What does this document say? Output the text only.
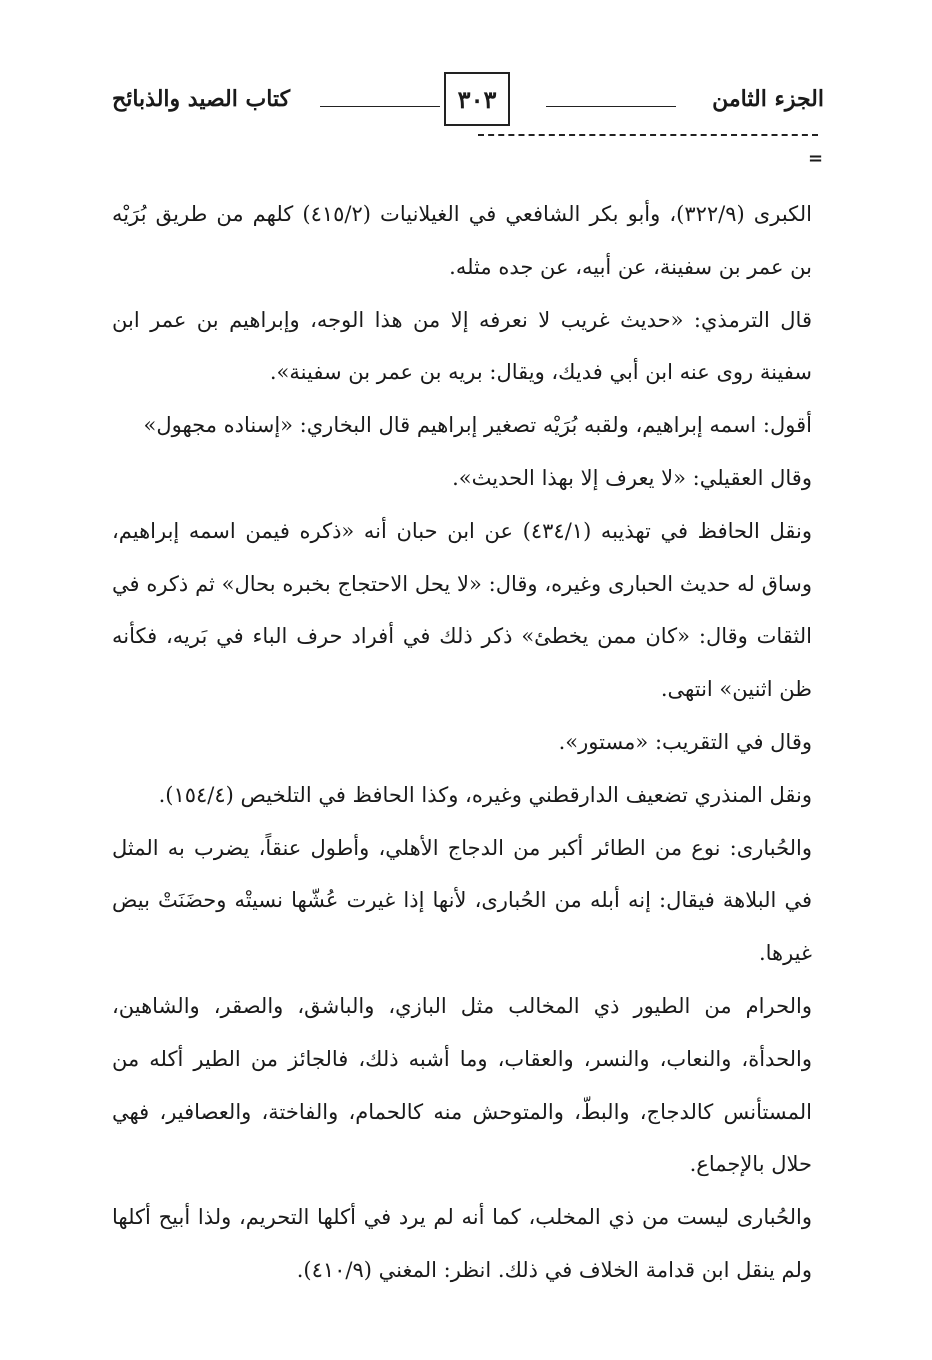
الجزء الثامن
٣٠٣
كتاب الصيد والذبائح
=

الكبرى (٣٢٢/٩)، وأبو بكر الشافعي في الغيلانيات (٤١٥/٢) كلهم من طريق بُرَيْه بن عمر بن سفينة، عن أبيه، عن جده مثله.

قال الترمذي: «حديث غريب لا نعرفه إلا من هذا الوجه، وإبراهيم بن عمر ابن سفينة روى عنه ابن أبي فديك، ويقال: بريه بن عمر بن سفينة».

أقول: اسمه إبراهيم، ولقبه بُرَيْه تصغير إبراهيم قال البخاري: «إسناده مجهول»

وقال العقيلي: «لا يعرف إلا بهذا الحديث».

ونقل الحافظ في تهذيبه (٤٣٤/١) عن ابن حبان أنه «ذكره فيمن اسمه إبراهيم، وساق له حديث الحبارى وغيره، وقال: «لا يحل الاحتجاج بخبره بحال» ثم ذكره في الثقات وقال: «كان ممن يخطئ» ذكر ذلك في أفراد حرف الباء في بَريه، فكأنه ظن اثنين» انتهى.

وقال في التقريب: «مستور».

ونقل المنذري تضعيف الدارقطني وغيره، وكذا الحافظ في التلخيص (١٥٤/٤).

والحُبارى: نوع من الطائر أكبر من الدجاج الأهلي، وأطول عنقاً، يضرب به المثل في البلاهة فيقال: إنه أبله من الحُبارى، لأنها إذا غيرت عُشّها نسيتْه وحضَنَتْ بيض غيرها.

والحرام من الطيور ذي المخالب مثل البازي، والباشق، والصقر، والشاهين، والحدأة، والنعاب، والنسر، والعقاب، وما أشبه ذلك، فالجائز من الطير أكله من المستأنس كالدجاج، والبطّ، والمتوحش منه كالحمام، والفاختة، والعصافير، فهي حلال بالإجماع.

والحُبارى ليست من ذي المخلب، كما أنه لم يرد في أكلها التحريم، ولذا أبيح أكلها ولم ينقل ابن قدامة الخلاف في ذلك. انظر: المغني (٤١٠/٩).
